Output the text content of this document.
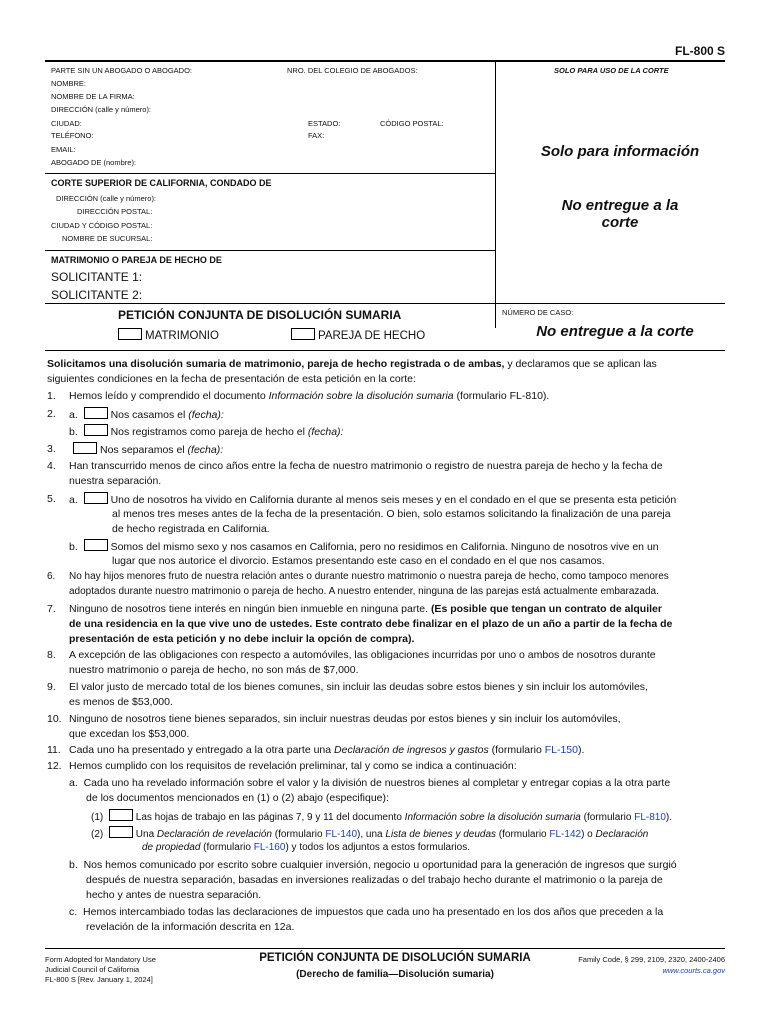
FL-800 S
PARTE SIN UN ABOGADO O ABOGADO:	NRO. DEL COLEGIO DE ABOGADOS:	SOLO PARA USO DE LA CORTE
NOMBRE:
NOMBRE DE LA FIRMA:
DIRECCIÓN (calle y número):
CIUDAD:	ESTADO:	CÓDIGO POSTAL:
TELÉFONO:	FAX:
EMAIL:
ABOGADO DE (nombre):
Solo para información
No entregue a la corte
CORTE SUPERIOR DE CALIFORNIA, CONDADO DE
DIRECCIÓN (calle y número):
DIRECCIÓN POSTAL:
CIUDAD Y CÓDIGO POSTAL:
NOMBRE DE SUCURSAL:
MATRIMONIO O PAREJA DE HECHO DE
SOLICITANTE 1:
SOLICITANTE 2:
PETICIÓN CONJUNTA DE DISOLUCIÓN SUMARIA
MATRIMONIO	PAREJA DE HECHO
NÚMERO DE CASO:
No entregue a la corte
Solicitamos una disolución sumaria de matrimonio, pareja de hecho registrada o de ambas, y declaramos que se aplican las
siguientes condiciones en la fecha de presentación de esta petición en la corte:
1. Hemos leído y comprendido el documento Información sobre la disolución sumaria (formulario FL-810).
2. a.	Nos casamos el (fecha):
b.	Nos registramos como pareja de hecho el (fecha):
3.	Nos separamos el (fecha):
4. Han transcurrido menos de cinco años entre la fecha de nuestro matrimonio o registro de nuestra pareja de hecho y la fecha de
nuestra separación.
5. a.	Uno de nosotros ha vivido en California durante al menos seis meses y en el condado en el que se presenta esta petición
al menos tres meses antes de la fecha de la presentación. O bien, solo estamos solicitando la finalización de una pareja
de hecho registrada en California.
b.	Somos del mismo sexo y nos casamos en California, pero no residimos en California. Ninguno de nosotros vive en un
lugar que nos autorice el divorcio. Estamos presentando este caso en el condado en el que nos casamos.
6. No hay hijos menores fruto de nuestra relación antes o durante nuestro matrimonio o nuestra pareja de hecho, como tampoco menores
adoptados durante nuestro matrimonio o pareja de hecho. A nuestro entender, ninguna de las parejas está actualmente embarazada.
7. Ninguno de nosotros tiene interés en ningún bien inmueble en ninguna parte. (Es posible que tengan un contrato de alquiler
de una residencia en la que vive uno de ustedes. Este contrato debe finalizar en el plazo de un año a partir de la fecha de
presentación de esta petición y no debe incluir la opción de compra).
8. A excepción de las obligaciones con respecto a automóviles, las obligaciones incurridas por uno o ambos de nosotros durante
nuestro matrimonio o pareja de hecho, no son más de $7,000.
9. El valor justo de mercado total de los bienes comunes, sin incluir las deudas sobre estos bienes y sin incluir los automóviles,
es menos de $53,000.
10. Ninguno de nosotros tiene bienes separados, sin incluir nuestras deudas por estos bienes y sin incluir los automóviles,
que excedan los $53,000.
11. Cada uno ha presentado y entregado a la otra parte una Declaración de ingresos y gastos (formulario FL-150).
12. Hemos cumplido con los requisitos de revelación preliminar, tal y como se indica a continuación:
a.  Cada uno ha revelado información sobre el valor y la división de nuestros bienes al completar y entregar copias a la otra parte
de los documentos mencionados en (1) o (2) abajo (especifique):
(1)	Las hojas de trabajo en las páginas 7, 9 y 11 del documento Información sobre la disolución sumaria (formulario FL-810).
(2)	Una Declaración de revelación (formulario FL-140), una Lista de bienes y deudas (formulario FL-142) o Declaración
de propiedad (formulario FL-160) y todos los adjuntos a estos formularios.
b.  Nos hemos comunicado por escrito sobre cualquier inversión, negocio u oportunidad para la generación de ingresos que surgió
después de nuestra separación, basadas en inversiones realizadas o del trabajo hecho durante el matrimonio o la pareja de
hecho y antes de nuestra separación.
c.  Hemos intercambiado todas las declaraciones de impuestos que cada uno ha presentado en los dos años que preceden a la
revelación de la información descrita en 12a.
Form Adopted for Mandatory Use
Judicial Council of California
FL-800 S [Rev. January 1, 2024]
PETICIÓN CONJUNTA DE DISOLUCIÓN SUMARIA
(Derecho de familia—Disolución sumaria)
Family Code, § 299, 2109, 2320, 2400-2406
www.courts.ca.gov
